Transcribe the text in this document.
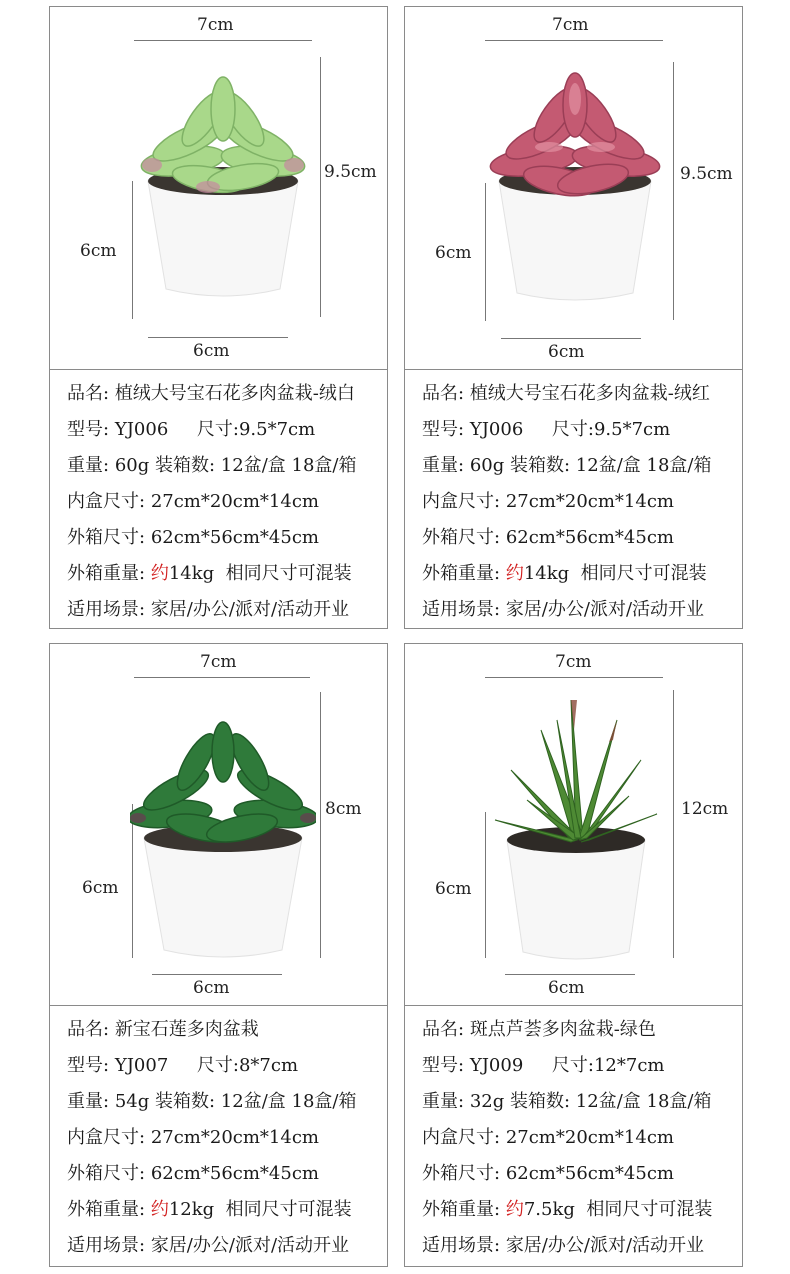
7cm
9.5cm
6cm
6cm
品名: 植绒大号宝石花多肉盆栽-绒白
型号: YJ006 尺寸:9.5*7cm
重量: 60g 装箱数: 12盆/盒 18盒/箱
内盒尺寸: 27cm*20cm*14cm
外箱尺寸: 62cm*56cm*45cm
外箱重量: 约14kg 相同尺寸可混装
适用场景: 家居/办公/派对/活动开业
7cm
9.5cm
6cm
6cm
品名: 植绒大号宝石花多肉盆栽-绒红
型号: YJ006 尺寸:9.5*7cm
重量: 60g 装箱数: 12盆/盒 18盒/箱
内盒尺寸: 27cm*20cm*14cm
外箱尺寸: 62cm*56cm*45cm
外箱重量: 约14kg 相同尺寸可混装
适用场景: 家居/办公/派对/活动开业
7cm
8cm
6cm
6cm
品名: 新宝石莲多肉盆栽
型号: YJ007 尺寸:8*7cm
重量: 54g 装箱数: 12盆/盒 18盒/箱
内盒尺寸: 27cm*20cm*14cm
外箱尺寸: 62cm*56cm*45cm
外箱重量: 约12kg 相同尺寸可混装
适用场景: 家居/办公/派对/活动开业
7cm
12cm
6cm
6cm
品名: 斑点芦荟多肉盆栽-绿色
型号: YJ009 尺寸:12*7cm
重量: 32g 装箱数: 12盆/盒 18盒/箱
内盒尺寸: 27cm*20cm*14cm
外箱尺寸: 62cm*56cm*45cm
外箱重量: 约7.5kg 相同尺寸可混装
适用场景: 家居/办公/派对/活动开业
